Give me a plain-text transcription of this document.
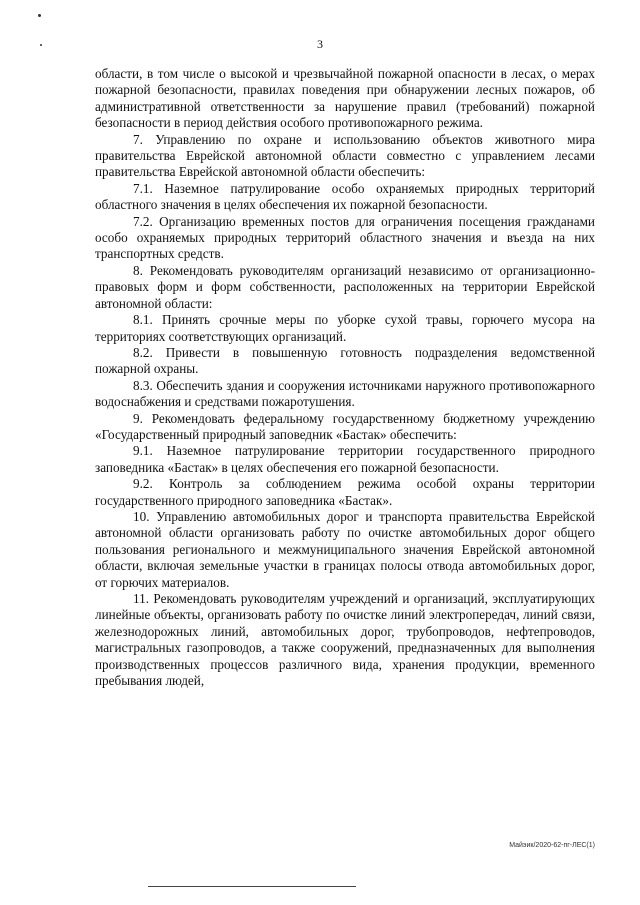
3

области, в том числе о высокой и чрезвычайной пожарной опасности в лесах, о мерах пожарной безопасности, правилах поведения при обнаружении лесных пожаров, об административной ответственности за нарушение правил (требований) пожарной безопасности в период действия особого противопожарного режима.

7. Управлению по охране и использованию объектов животного мира правительства Еврейской автономной области совместно с управлением лесами правительства Еврейской автономной области обеспечить:

7.1. Наземное патрулирование особо охраняемых природных территорий областного значения в целях обеспечения их пожарной безопасности.

7.2. Организацию временных постов для ограничения посещения гражданами особо охраняемых природных территорий областного значения и въезда на них транспортных средств.

8. Рекомендовать руководителям организаций независимо от организационно-правовых форм и форм собственности, расположенных на территории Еврейской автономной области:

8.1. Принять срочные меры по уборке сухой травы, горючего мусора на территориях соответствующих организаций.

8.2. Привести в повышенную готовность подразделения ведомственной пожарной охраны.

8.3. Обеспечить здания и сооружения источниками наружного противопожарного водоснабжения и средствами пожаротушения.

9. Рекомендовать федеральному государственному бюджетному учреждению «Государственный природный заповедник «Бастак» обеспечить:

9.1. Наземное патрулирование территории государственного природного заповедника «Бастак» в целях обеспечения его пожарной безопасности.

9.2. Контроль за соблюдением режима особой охраны территории государственного природного заповедника «Бастак».

10. Управлению автомобильных дорог и транспорта правительства Еврейской автономной области организовать работу по очистке автомобильных дорог общего пользования регионального и межмуниципального значения Еврейской автономной области, включая земельные участки в границах полосы отвода автомобильных дорог, от горючих материалов.

11. Рекомендовать руководителям учреждений и организаций, эксплуатирующих линейные объекты, организовать работу по очистке линий электропередач, линий связи, железнодорожных линий, автомобильных дорог, трубопроводов, нефтепроводов, магистральных газопроводов, а также сооружений, предназначенных для выполнения производственных процессов различного вида, хранения продукции, временного пребывания людей,

Майэик/2020-62-пг-ЛЕС(1)
